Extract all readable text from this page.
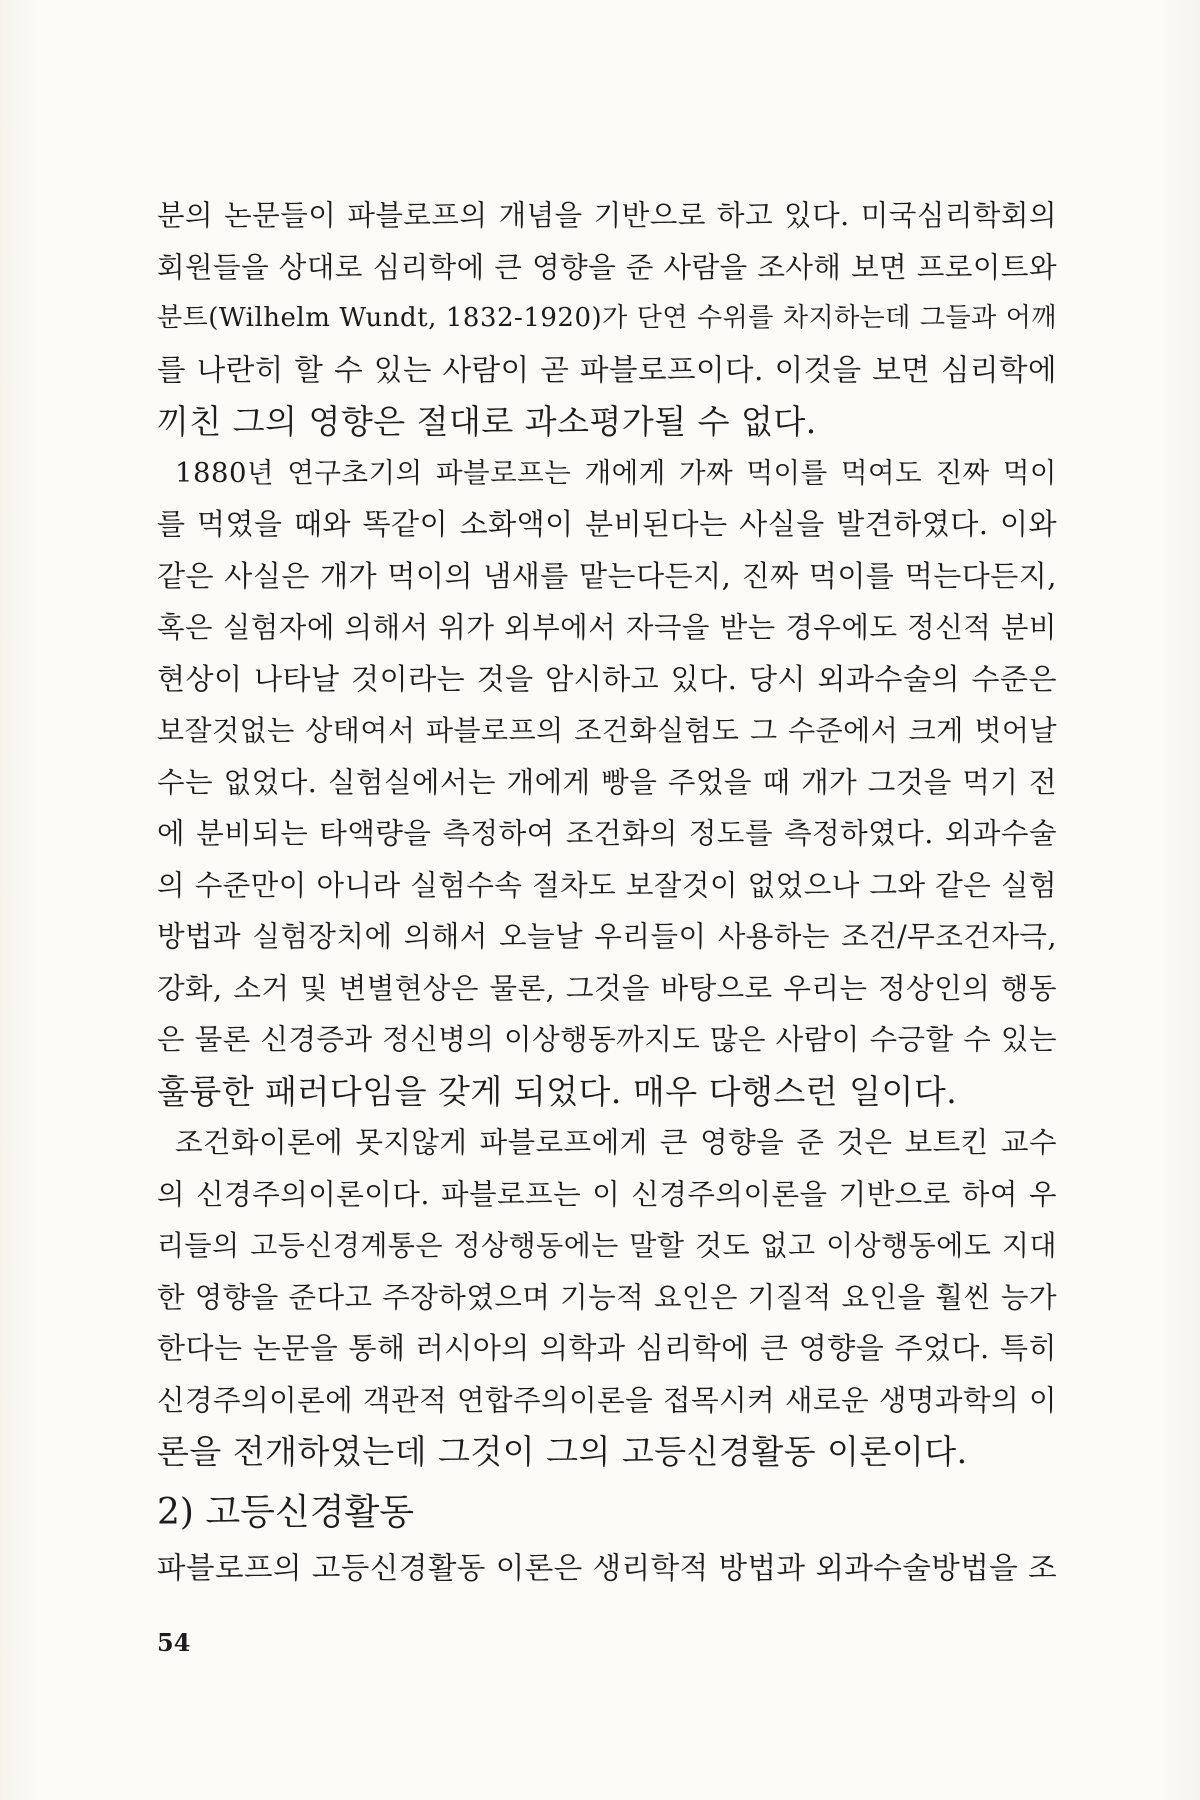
분의 논문들이 파블로프의 개념을 기반으로 하고 있다. 미국심리학회의
회원들을 상대로 심리학에 큰 영향을 준 사람을 조사해 보면 프로이트와
분트(Wilhelm Wundt, 1832-1920)가 단연 수위를 차지하는데 그들과 어깨
를 나란히 할 수 있는 사람이 곧 파블로프이다. 이것을 보면 심리학에
끼친 그의 영향은 절대로 과소평가될 수 없다.

1880년 연구초기의 파블로프는 개에게 가짜 먹이를 먹여도 진짜 먹이
를 먹였을 때와 똑같이 소화액이 분비된다는 사실을 발견하였다. 이와
같은 사실은 개가 먹이의 냄새를 맡는다든지, 진짜 먹이를 먹는다든지,
혹은 실험자에 의해서 위가 외부에서 자극을 받는 경우에도 정신적 분비
현상이 나타날 것이라는 것을 암시하고 있다. 당시 외과수술의 수준은
보잘것없는 상태여서 파블로프의 조건화실험도 그 수준에서 크게 벗어날
수는 없었다. 실험실에서는 개에게 빵을 주었을 때 개가 그것을 먹기 전
에 분비되는 타액량을 측정하여 조건화의 정도를 측정하였다. 외과수술
의 수준만이 아니라 실험수속 절차도 보잘것이 없었으나 그와 같은 실험
방법과 실험장치에 의해서 오늘날 우리들이 사용하는 조건/무조건자극,
강화, 소거 및 변별현상은 물론, 그것을 바탕으로 우리는 정상인의 행동
은 물론 신경증과 정신병의 이상행동까지도 많은 사람이 수긍할 수 있는
훌륭한 패러다임을 갖게 되었다. 매우 다행스런 일이다.

조건화이론에 못지않게 파블로프에게 큰 영향을 준 것은 보트킨 교수
의 신경주의이론이다. 파블로프는 이 신경주의이론을 기반으로 하여 우
리들의 고등신경계통은 정상행동에는 말할 것도 없고 이상행동에도 지대
한 영향을 준다고 주장하였으며 기능적 요인은 기질적 요인을 훨씬 능가
한다는 논문을 통해 러시아의 의학과 심리학에 큰 영향을 주었다. 특히
신경주의이론에 객관적 연합주의이론을 접목시켜 새로운 생명과학의 이
론을 전개하였는데 그것이 그의 고등신경활동 이론이다.

2) 고등신경활동

파블로프의 고등신경활동 이론은 생리학적 방법과 외과수술방법을 조

54
